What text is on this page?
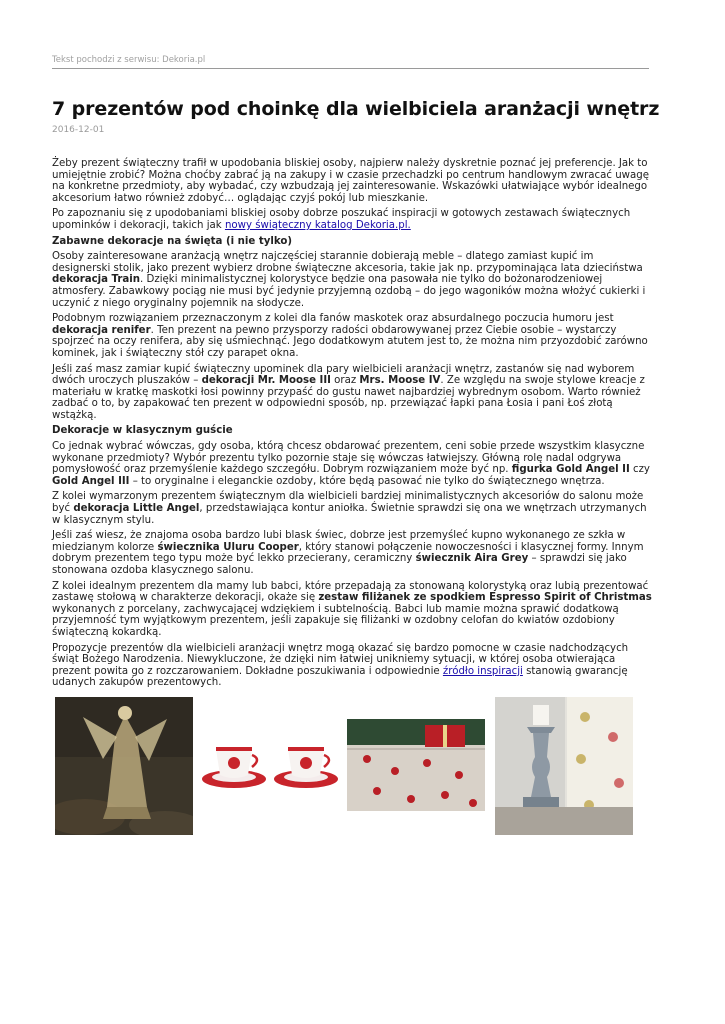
Tekst pochodzi z serwisu: Dekoria.pl
7 prezentów pod choinkę dla wielbiciela aranżacji wnętrz
2016-12-01

Żeby prezent świąteczny trafił w upodobania bliskiej osoby, najpierw należy dyskretnie poznać jej preferencje. Jak to umiejętnie zrobić? Można choćby zabrać ją na zakupy i w czasie przechadzki po centrum handlowym zwracać uwagę na konkretne przedmioty, aby wybadać, czy wzbudzają jej zainteresowanie. Wskazówki ułatwiające wybór idealnego akcesorium łatwo również zdobyć… oglądając czyjś pokój lub mieszkanie.

Po zapoznaniu się z upodobaniami bliskiej osoby dobrze poszukać inspiracji w gotowych zestawach świątecznych upominków i dekoracji, takich jak nowy świąteczny katalog Dekoria.pl.

Zabawne dekoracje na święta (i nie tylko)

Osoby zainteresowane aranżacją wnętrz najczęściej starannie dobierają meble – dlatego zamiast kupić im designerski stolik, jako prezent wybierz drobne świąteczne akcesoria, takie jak np. przypominająca lata dzieciństwa dekoracja Train. Dzięki minimalistycznej kolorystyce będzie ona pasowała nie tylko do bożonarodzeniowej atmosfery. Zabawkowy pociąg nie musi być jedynie przyjemną ozdobą – do jego wagoników można włożyć cukierki i uczynić z niego oryginalny pojemnik na słodycze.

Podobnym rozwiązaniem przeznaczonym z kolei dla fanów maskotek oraz absurdalnego poczucia humoru jest dekoracja renifer. Ten prezent na pewno przysporzy radości obdarowywanej przez Ciebie osobie – wystarczy spojrzeć na oczy renifera, aby się uśmiechnąć. Jego dodatkowym atutem jest to, że można nim przyozdobić zarówno kominek, jak i świąteczny stół czy parapet okna.

Jeśli zaś masz zamiar kupić świąteczny upominek dla pary wielbicieli aranżacji wnętrz, zastanów się nad wyborem dwóch uroczych pluszaków – dekoracji Mr. Moose III oraz Mrs. Moose IV. Ze względu na swoje stylowe kreacje z materiału w kratkę maskotki łosi powinny przypaść do gustu nawet najbardziej wybrednym osobom. Warto również zadbać o to, by zapakować ten prezent w odpowiedni sposób, np. przewiązać łapki pana Łosia i pani Łoś złotą wstążką.

Dekoracje w klasycznym guście

Co jednak wybrać wówczas, gdy osoba, którą chcesz obdarować prezentem, ceni sobie przede wszystkim klasyczne wykonane przedmioty? Wybór prezentu tylko pozornie staje się wówczas łatwiejszy. Główną rolę nadal odgrywa pomysłowość oraz przemyślenie każdego szczegółu. Dobrym rozwiązaniem może być np. figurka Gold Angel II czy Gold Angel III – to oryginalne i eleganckie ozdoby, które będą pasować nie tylko do świątecznego wnętrza.

Z kolei wymarzonym prezentem świątecznym dla wielbicieli bardziej minimalistycznych akcesoriów do salonu może być dekoracja Little Angel, przedstawiająca kontur aniołka. Świetnie sprawdzi się ona we wnętrzach utrzymanych w klasycznym stylu.

Jeśli zaś wiesz, że znajoma osoba bardzo lubi blask świec, dobrze jest przemyśleć kupno wykonanego ze szkła w miedzianym kolorze świecznika Uluru Cooper, który stanowi połączenie nowoczesności i klasycznej formy. Innym dobrym prezentem tego typu może być lekko przecierany, ceramiczny świecznik Aira Grey – sprawdzi się jako stonowana ozdoba klasycznego salonu.

Z kolei idealnym prezentem dla mamy lub babci, które przepadają za stonowaną kolorystyką oraz lubią prezentować zastawę stołową w charakterze dekoracji, okaże się zestaw filiżanek ze spodkiem Espresso Spirit of Christmas wykonanych z porcelany, zachwycającej wdziękiem i subtelnością. Babci lub mamie można sprawić dodatkową przyjemność tym wyjątkowym prezentem, jeśli zapakuje się filiżanki w ozdobny celofan do kwiatów ozdobiony świąteczną kokardką.

Propozycje prezentów dla wielbicieli aranżacji wnętrz mogą okazać się bardzo pomocne w czasie nadchodzących świąt Bożego Narodzenia. Niewykluczone, że dzięki nim łatwiej unikniemy sytuacji, w której osoba otwierająca prezent powita go z rozczarowaniem. Dokładne poszukiwania i odpowiednie źródło inspiracji stanowią gwarancję udanych zakupów prezentowych.
